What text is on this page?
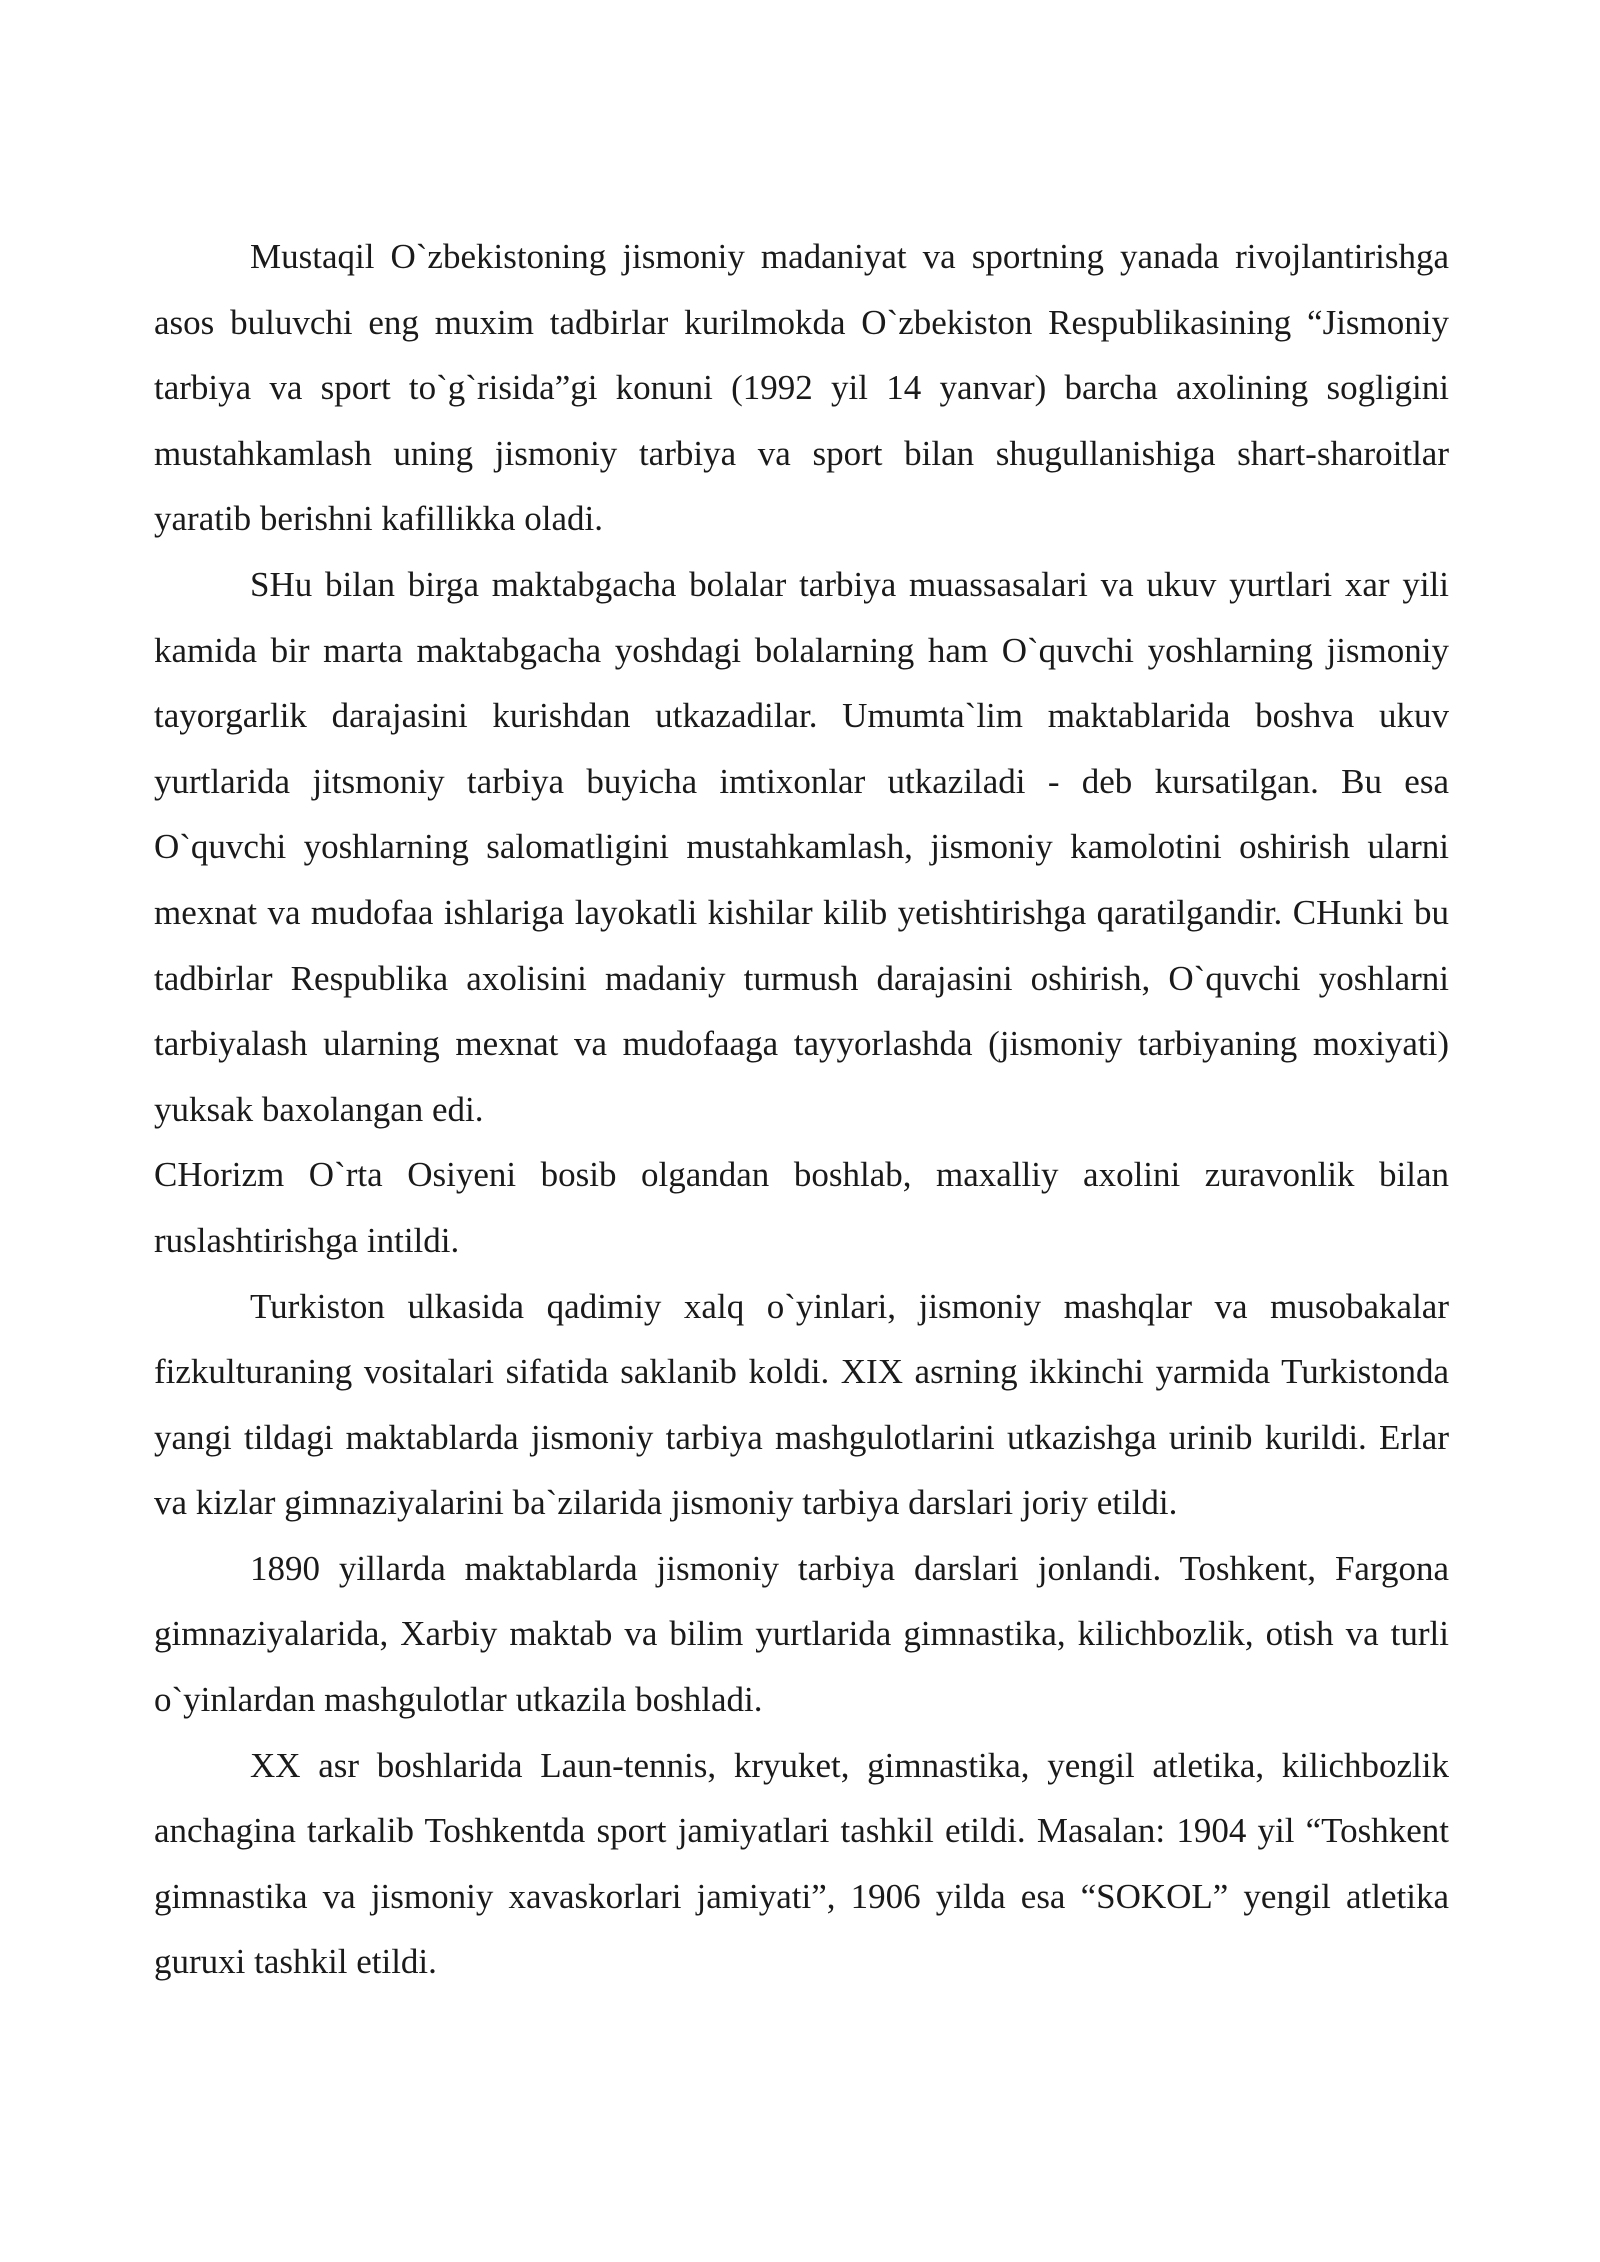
Mustaqil O`zbekistoning jismoniy madaniyat va sportning yanada rivojlantirishga asos buluvchi eng muxim tadbirlar kurilmokda O`zbekiston Respublikasining “Jismoniy tarbiya va sport to`g`risida”gi konuni (1992 yil 14 yanvar) barcha axolining sogligini mustahkamlash uning jismoniy tarbiya va sport bilan shugullanishiga shart-sharoitlar yaratib berishni kafillikka oladi.

SHu bilan birga maktabgacha bolalar tarbiya muassasalari va ukuv yurtlari xar yili kamida bir marta maktabgacha yoshdagi bolalarning ham O`quvchi yoshlarning jismoniy tayorgarlik darajasini kurishdan utkazadilar. Umumta`lim maktablarida boshva ukuv yurtlarida jitsmoniy tarbiya buyicha imtixonlar utkaziladi - deb kursatilgan. Bu esa O`quvchi yoshlarning salomatligini mustahkamlash, jismoniy kamolotini oshirish ularni mexnat va mudofaa ishlariga layokatli kishilar kilib yetishtirishga qaratilgandir. CHunki bu tadbirlar Respublika axolisini madaniy turmush darajasini oshirish, O`quvchi yoshlarni tarbiyalash ularning mexnat va mudofaaga tayyorlashda (jismoniy tarbiyaning moxiyati) yuksak baxolangan edi.

CHorizm O`rta Osiyeni bosib olgandan boshlab, maxalliy axolini zuravonlik bilan ruslashtirishga intildi.

Turkiston ulkasida qadimiy xalq o`yinlari, jismoniy mashqlar va musobakalar fizkulturaning vositalari sifatida saklanib koldi. XIX asrning ikkinchi yarmida Turkistonda yangi tildagi maktablarda jismoniy tarbiya mashgulotlarini utkazishga urinib kurildi. Erlar va kizlar gimnaziyalarini ba`zilarida jismoniy tarbiya darslari joriy etildi.

1890 yillarda maktablarda jismoniy tarbiya darslari jonlandi. Toshkent, Fargona gimnaziyalarida, Xarbiy maktab va bilim yurtlarida gimnastika, kilichbozlik, otish va turli o`yinlardan mashgulotlar utkazila boshladi.

XX asr boshlarida Laun-tennis, kryuket, gimnastika, yengil atletika, kilichbozlik anchagina tarkalib Toshkentda sport jamiyatlari tashkil etildi. Masalan: 1904 yil “Toshkent gimnastika va jismoniy xavaskorlari jamiyati”, 1906 yilda esa “SOKOL” yengil atletika guruxi tashkil etildi.
